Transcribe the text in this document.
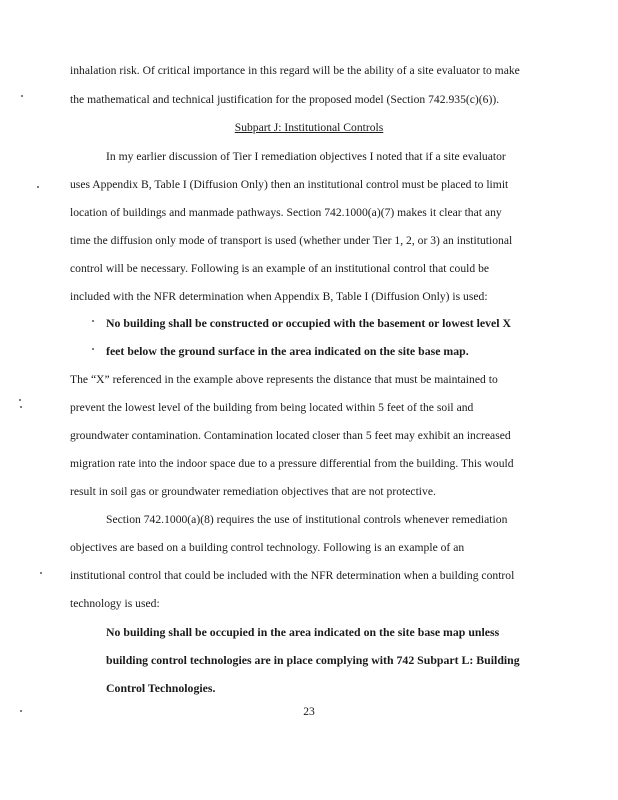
inhalation risk. Of critical importance in this regard will be the ability of a site evaluator to make
the mathematical and technical justification for the proposed model (Section 742.935(c)(6)).
Subpart J: Institutional Controls
In my earlier discussion of Tier I remediation objectives I noted that if a site evaluator
uses Appendix B, Table I (Diffusion Only) then an institutional control must be placed to limit
location of buildings and manmade pathways. Section 742.1000(a)(7) makes it clear that any
time the diffusion only mode of transport is used (whether under Tier 1, 2, or 3) an institutional
control will be necessary. Following is an example of an institutional control that could be
included with the NFR determination when Appendix B, Table I (Diffusion Only) is used:
No building shall be constructed or occupied with the basement or lowest level X
feet below the ground surface in the area indicated on the site base map.
The “X” referenced in the example above represents the distance that must be maintained to
prevent the lowest level of the building from being located within 5 feet of the soil and
groundwater contamination. Contamination located closer than 5 feet may exhibit an increased
migration rate into the indoor space due to a pressure differential from the building. This would
result in soil gas or groundwater remediation objectives that are not protective.
Section 742.1000(a)(8) requires the use of institutional controls whenever remediation
objectives are based on a building control technology. Following is an example of an
institutional control that could be included with the NFR determination when a building control
technology is used:
No building shall be occupied in the area indicated on the site base map unless
building control technologies are in place complying with 742 Subpart L: Building
Control Technologies.
23
